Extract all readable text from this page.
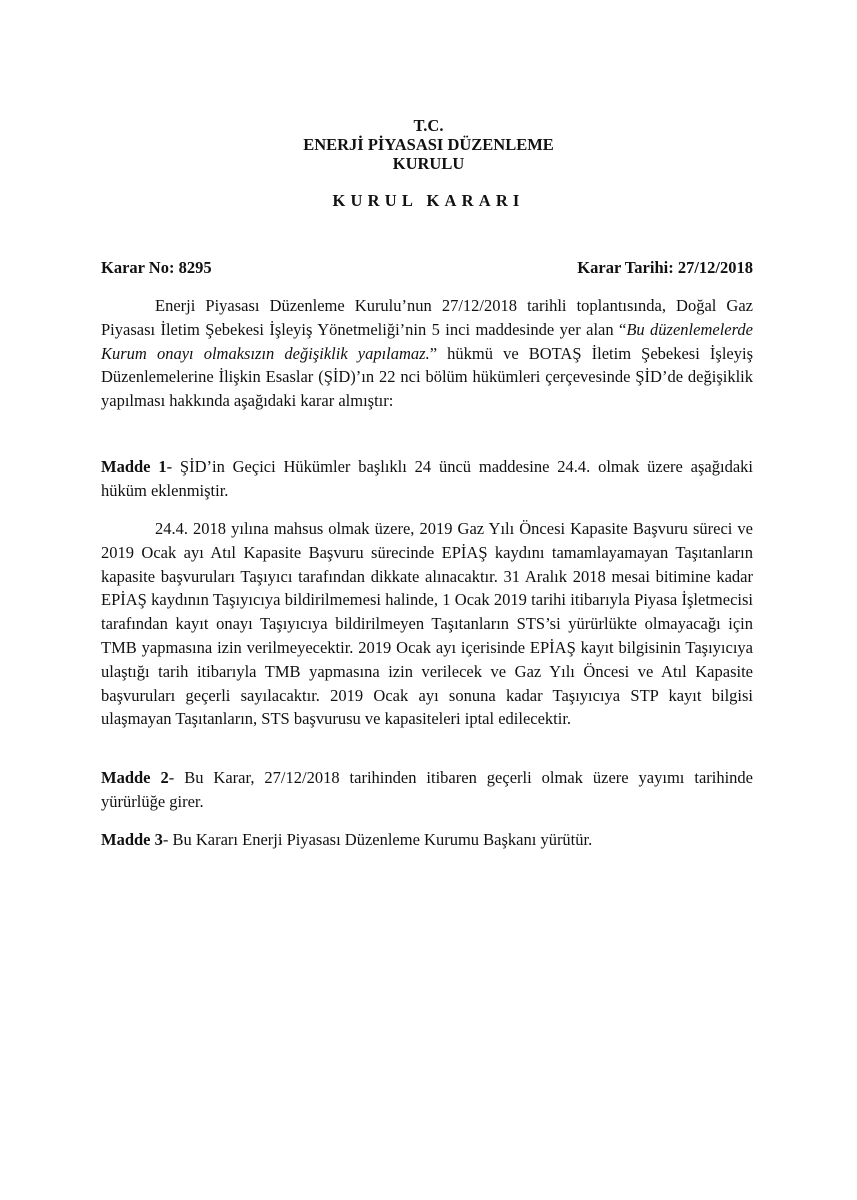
T.C.
ENERJİ PİYASASI DÜZENLEME
KURULU
KURUL KARARI
Karar No: 8295	Karar Tarihi: 27/12/2018

Enerji Piyasası Düzenleme Kurulu’nun 27/12/2018 tarihli toplantısında, Doğal Gaz Piyasası İletim Şebekesi İşleyiş Yönetmeliği’nin 5 inci maddesinde yer alan “Bu düzenlemelerde Kurum onayı olmaksızın değişiklik yapılamaz.” hükmü ve BOTAŞ İletim Şebekesi İşleyiş Düzenlemelerine İlişkin Esaslar (ŞİD)’ın 22 nci bölüm hükümleri çerçevesinde ŞİD’de değişiklik yapılması hakkında aşağıdaki karar almıştır:

Madde 1- ŞİD’in Geçici Hükümler başlıklı 24 üncü maddesine 24.4. olmak üzere aşağıdaki hüküm eklenmiştir.

24.4. 2018 yılına mahsus olmak üzere, 2019 Gaz Yılı Öncesi Kapasite Başvuru süreci ve 2019 Ocak ayı Atıl Kapasite Başvuru sürecinde EPİAŞ kaydını tamamlayamayan Taşıtanların kapasite başvuruları Taşıyıcı tarafından dikkate alınacaktır. 31 Aralık 2018 mesai bitimine kadar EPİAŞ kaydının Taşıyıcıya bildirilmemesi halinde, 1 Ocak 2019 tarihi itibarıyla Piyasa İşletmecisi tarafından kayıt onayı Taşıyıcıya bildirilmeyen Taşıtanların STS’si yürürlükte olmayacağı için TMB yapmasına izin verilmeyecektir. 2019 Ocak ayı içerisinde EPİAŞ kayıt bilgisinin Taşıyıcıya ulaştığı tarih itibarıyla TMB yapmasına izin verilecek ve Gaz Yılı Öncesi ve Atıl Kapasite başvuruları geçerli sayılacaktır. 2019 Ocak ayı sonuna kadar Taşıyıcıya STP kayıt bilgisi ulaşmayan Taşıtanların, STS başvurusu ve kapasiteleri iptal edilecektir.

Madde 2- Bu Karar, 27/12/2018 tarihinden itibaren geçerli olmak üzere yayımı tarihinde yürürlüğe girer.

Madde 3- Bu Kararı Enerji Piyasası Düzenleme Kurumu Başkanı yürütür.
